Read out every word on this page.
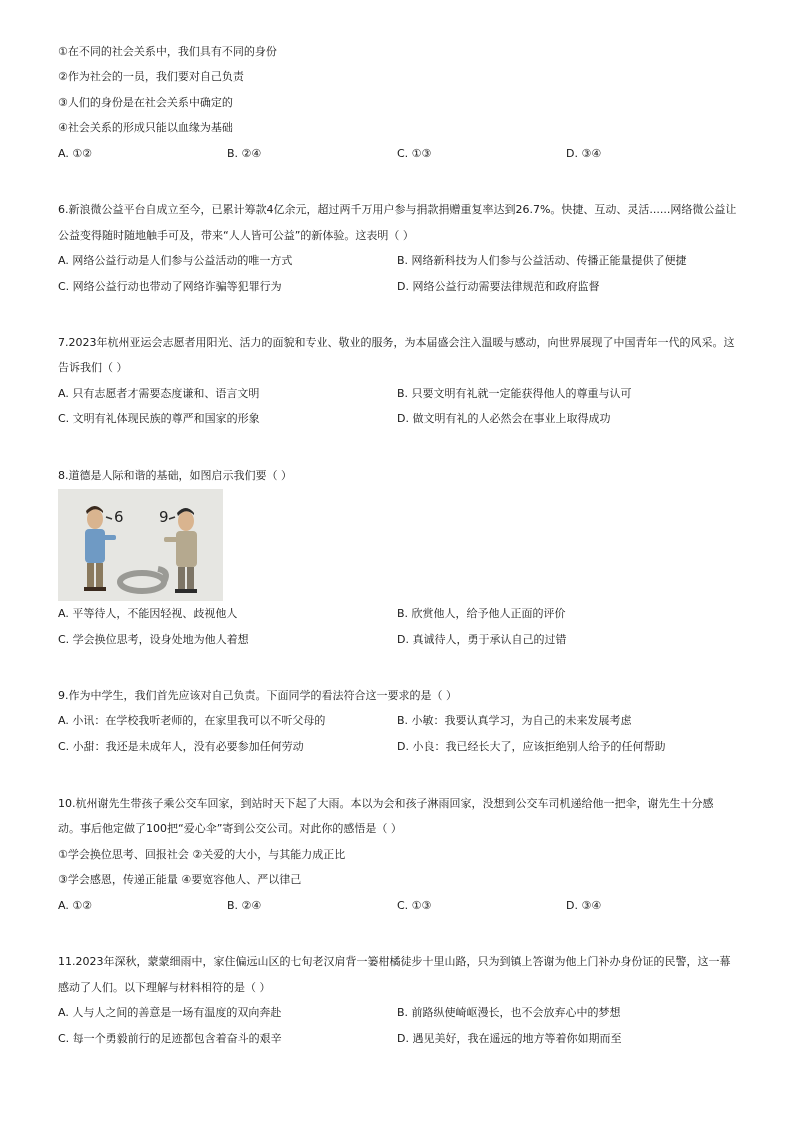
①在不同的社会关系中，我们具有不同的身份
②作为社会的一员，我们要对自己负责
③人们的身份是在社会关系中确定的
④社会关系的形成只能以血缘为基础
A. ①②	B. ②④	C. ①③	D. ③④
6.新浪微公益平台自成立至今，已累计筹款4亿余元，超过两千万用户参与捐款捐赠重复率达到26.7%。快捷、互动、灵活......网络微公益让
公益变得随时随地触手可及，带来“人人皆可公益”的新体验。这表明（ ）
A. 网络公益行动是人们参与公益活动的唯一方式	B. 网络新科技为人们参与公益活动、传播正能量提供了便捷
C. 网络公益行动也带动了网络诈骗等犯罪行为	D. 网络公益行动需要法律规范和政府监督
7.2023年杭州亚运会志愿者用阳光、活力的面貌和专业、敬业的服务，为本届盛会注入温暖与感动，向世界展现了中国青年一代的风采。这
告诉我们（ ）
A. 只有志愿者才需要态度谦和、语言文明	B. 只要文明有礼就一定能获得他人的尊重与认可
C. 文明有礼体现民族的尊严和国家的形象	D. 做文明有礼的人必然会在事业上取得成功
8.道德是人际和谐的基础，如图启示我们要（ ）
6 9
A. 平等待人，不能因轻视、歧视他人	B. 欣赏他人，给予他人正面的评价
C. 学会换位思考，设身处地为他人着想	D. 真诚待人，勇于承认自己的过错
9.作为中学生，我们首先应该对自己负责。下面同学的看法符合这一要求的是（ ）
A. 小讯：在学校我听老师的，在家里我可以不听父母的	B. 小敏：我要认真学习，为自己的未来发展考虑
C. 小甜：我还是未成年人，没有必要参加任何劳动	D. 小良：我已经长大了，应该拒绝别人给予的任何帮助
10.杭州谢先生带孩子乘公交车回家，到站时天下起了大雨。本以为会和孩子淋雨回家，没想到公交车司机递给他一把伞，谢先生十分感
动。事后他定做了100把“爱心伞”寄到公交公司。对此你的感悟是（ ）
①学会换位思考、回报社会 ②关爱的大小，与其能力成正比
③学会感恩，传递正能量 ④要宽容他人、严以律己
A. ①②	B. ②④	C. ①③	D. ③④
11.2023年深秋，蒙蒙细雨中，家住偏远山区的七旬老汉肩背一篓柑橘徒步十里山路，只为到镇上答谢为他上门补办身份证的民警，这一幕
感动了人们。以下理解与材料相符的是（ ）
A. 人与人之间的善意是一场有温度的双向奔赴	B. 前路纵使崎岖漫长，也不会放弃心中的梦想
C. 每一个勇毅前行的足迹都包含着奋斗的艰辛	D. 遇见美好，我在遥远的地方等着你如期而至
